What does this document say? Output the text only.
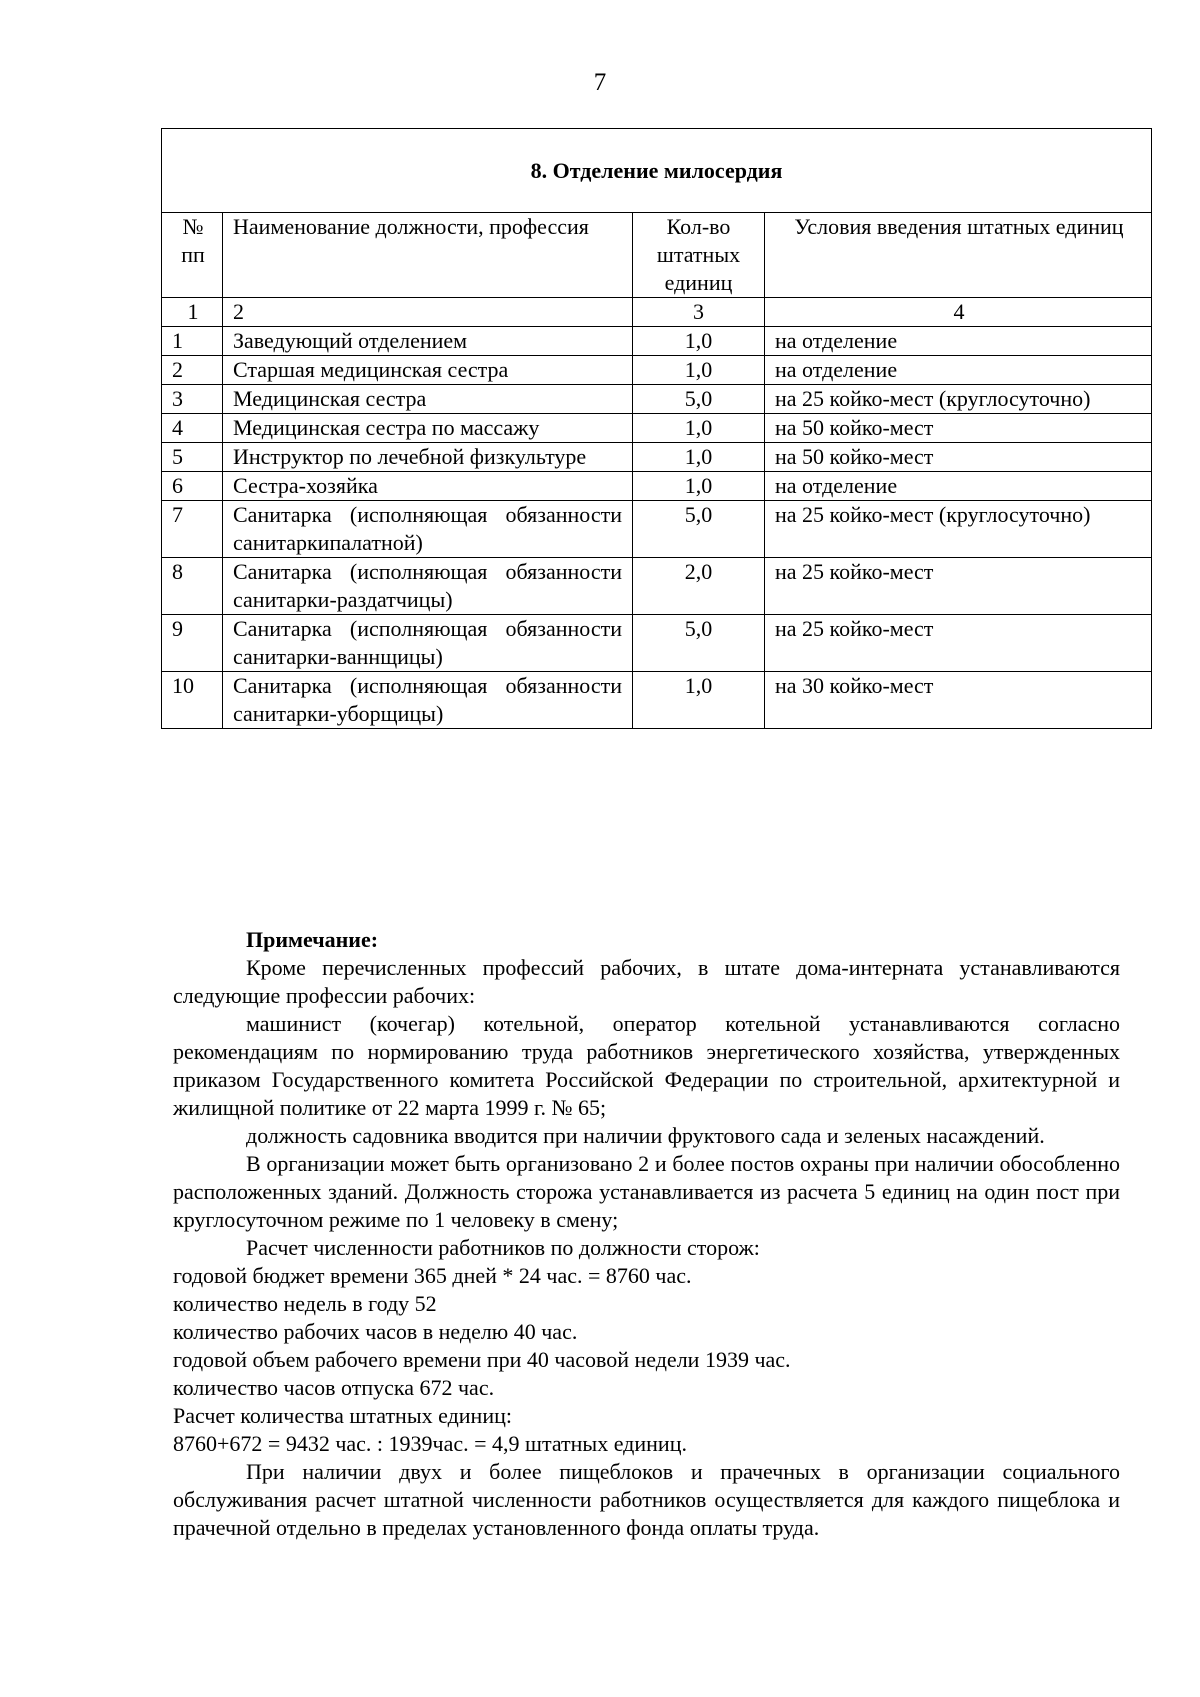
7
8. Отделение милосердия			
№ пп	Наименование должности, профессия	Кол-во штатных единиц	Условия введения штатных единиц
1	2	3	4
1	Заведующий отделением	1,0	на отделение
2	Старшая медицинская сестра	1,0	на отделение
3	Медицинская сестра	5,0	на 25 койко-мест (круглосуточно)
4	Медицинская сестра по массажу	1,0	на 50 койко-мест
5	Инструктор по лечебной физкультуре	1,0	на 50 койко-мест
6	Сестра-хозяйка	1,0	на отделение
7	Санитарка (исполняющая обязанности санитаркипалатной)	5,0	на 25 койко-мест (круглосуточно)
8	Санитарка (исполняющая обязанности санитарки-раздатчицы)	2,0	на 25 койко-мест
9	Санитарка (исполняющая обязанности санитарки-ваннщицы)	5,0	на 25 койко-мест
10	Санитарка (исполняющая обязанности санитарки-уборщицы)	1,0	на 30 койко-мест

Примечание:

Кроме перечисленных профессий рабочих, в штате дома-интерната устанавливаются следующие профессии рабочих:

машинист (кочегар) котельной, оператор котельной устанавливаются согласно рекомендациям по нормированию труда работников энергетического хозяйства, утвержденных приказом Государственного комитета Российской Федерации по строительной, архитектурной и жилищной политике от 22 марта 1999 г. № 65;

должность садовника вводится при наличии фруктового сада и зеленых насаждений.

В организации может быть организовано 2 и более постов охраны при наличии обособленно расположенных зданий. Должность сторожа устанавливается из расчета 5 единиц на один пост при круглосуточном режиме по 1 человеку в смену;

Расчет численности работников по должности сторож:

годовой бюджет времени 365 дней * 24 час. = 8760 час.

количество недель в году 52

количество рабочих часов в неделю 40 час.

годовой объем рабочего времени при 40 часовой недели 1939 час.

количество часов отпуска 672 час.

Расчет количества штатных единиц:

8760+672 = 9432 час. : 1939час. = 4,9 штатных единиц.

При наличии двух и более пищеблоков и прачечных в организации социального обслуживания расчет штатной численности работников осуществляется для каждого пищеблока и прачечной отдельно в пределах установленного фонда оплаты труда.
